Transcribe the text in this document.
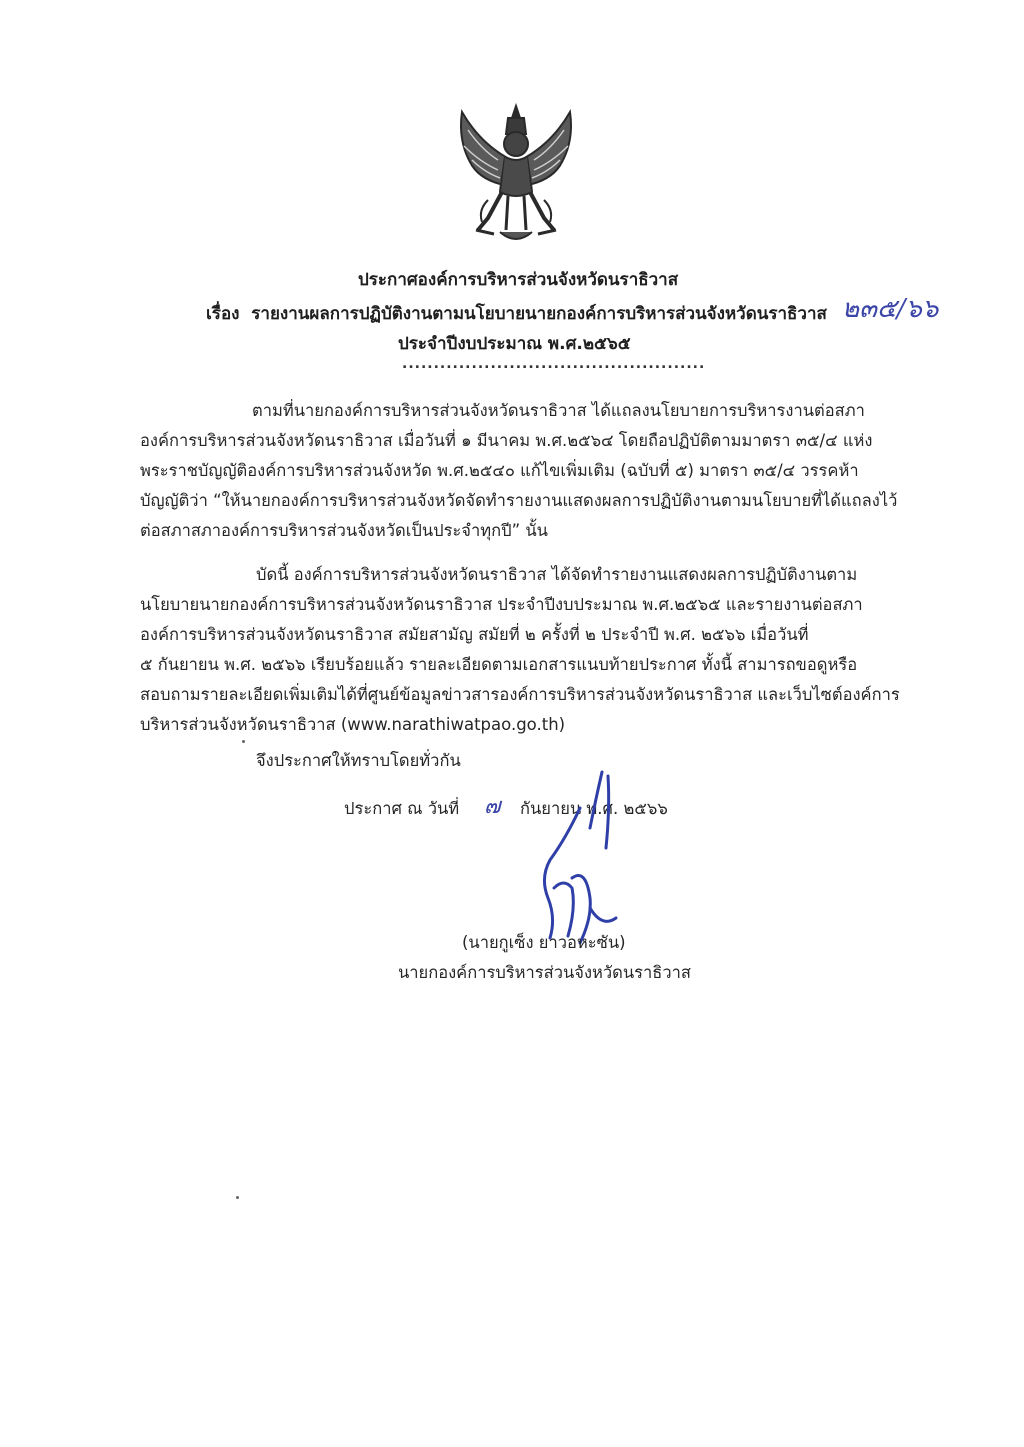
ประกาศองค์การบริหารส่วนจังหวัดนราธิวาส
เรื่อง รายงานผลการปฏิบัติงานตามนโยบายนายกองค์การบริหารส่วนจังหวัดนราธิวาส
ประจำปีงบประมาณ พ.ศ.๒๕๖๕
................................................
๒๓๕/๖๖
ตามที่นายกองค์การบริหารส่วนจังหวัดนราธิวาส ได้แถลงนโยบายการบริหารงานต่อสภา
องค์การบริหารส่วนจังหวัดนราธิวาส เมื่อวันที่ ๑ มีนาคม พ.ศ.๒๕๖๔ โดยถือปฏิบัติตามมาตรา ๓๕/๔ แห่ง
พระราชบัญญัติองค์การบริหารส่วนจังหวัด พ.ศ.๒๕๔๐ แก้ไขเพิ่มเติม (ฉบับที่ ๕) มาตรา ๓๕/๔ วรรคห้า
บัญญัติว่า “ให้นายกองค์การบริหารส่วนจังหวัดจัดทำรายงานแสดงผลการปฏิบัติงานตามนโยบายที่ได้แถลงไว้
ต่อสภาสภาองค์การบริหารส่วนจังหวัดเป็นประจำทุกปี” นั้น
บัดนี้ องค์การบริหารส่วนจังหวัดนราธิวาส ได้จัดทำรายงานแสดงผลการปฏิบัติงานตาม
นโยบายนายกองค์การบริหารส่วนจังหวัดนราธิวาส ประจำปีงบประมาณ พ.ศ.๒๕๖๕ และรายงานต่อสภา
องค์การบริหารส่วนจังหวัดนราธิวาส สมัยสามัญ สมัยที่ ๒ ครั้งที่ ๒ ประจำปี พ.ศ. ๒๕๖๖ เมื่อวันที่
๕ กันยายน พ.ศ. ๒๕๖๖ เรียบร้อยแล้ว รายละเอียดตามเอกสารแนบท้ายประกาศ ทั้งนี้ สามารถขอดูหรือ
สอบถามรายละเอียดเพิ่มเติมได้ที่ศูนย์ข้อมูลข่าวสารองค์การบริหารส่วนจังหวัดนราธิวาส และเว็บไซต์องค์การ
บริหารส่วนจังหวัดนราธิวาส (www.narathiwatpao.go.th)
จึงประกาศให้ทราบโดยทั่วกัน
ประกาศ ณ วันที่ ๗ กันยายน พ.ศ. ๒๕๖๖
(นายกูเซ็ง ยาวอหะซัน)
นายกองค์การบริหารส่วนจังหวัดนราธิวาส
